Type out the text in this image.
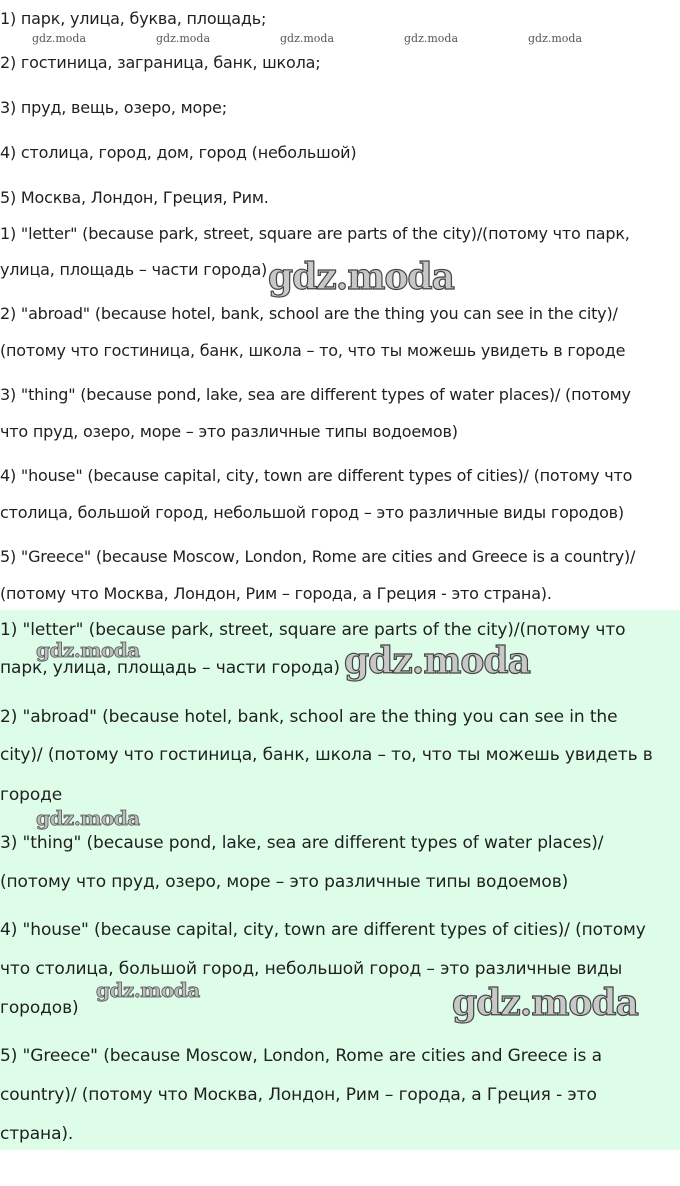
1) парк, улица, буква, площадь;
gdz.moda	gdz.moda	gdz.moda	gdz.moda	gdz.moda
2) гостиница, заграница, банк, школа;
3) пруд, вещь, озеро, море;
4) столица, город, дом, город (небольшой)
5) Москва, Лондон, Греция, Рим.
1) "letter" (because park, street, square are parts of the city)/(потому что парк,
улица, площадь – части города) gdz.moda
2) "abroad" (because hotel, bank, school are the thing you can see in the city)/
(потому что гостиница, банк, школа – то, что ты можешь увидеть в городе
3) "thing" (because pond, lake, sea are different types of water places)/ (потому
что пруд, озеро, море – это различные типы водоемов)
4) "house" (because capital, city, town are different types of cities)/ (потому что
столица, большой город, небольшой город – это различные виды городов)
5) "Greece" (because Moscow, London, Rome are cities and Greece is a country)/
(потому что Москва, Лондон, Рим – города, а Греция - это страна).
1) "letter" (because park, street, square are parts of the city)/(потому что
gdz.moda
парк, улица, площадь – части города) gdz.moda
2) "abroad" (because hotel, bank, school are the thing you can see in the
city)/ (потому что гостиница, банк, школа – то, что ты можешь увидеть в
городе
gdz.moda
3) "thing" (because pond, lake, sea are different types of water places)/
(потому что пруд, озеро, море – это различные типы водоемов)
4) "house" (because capital, city, town are different types of cities)/ (потому
что столица, большой город, небольшой город – это различные виды
городов)
gdz.moda	gdz.moda
5) "Greece" (because Moscow, London, Rome are cities and Greece is a
country)/ (потому что Москва, Лондон, Рим – города, а Греция - это
страна).
